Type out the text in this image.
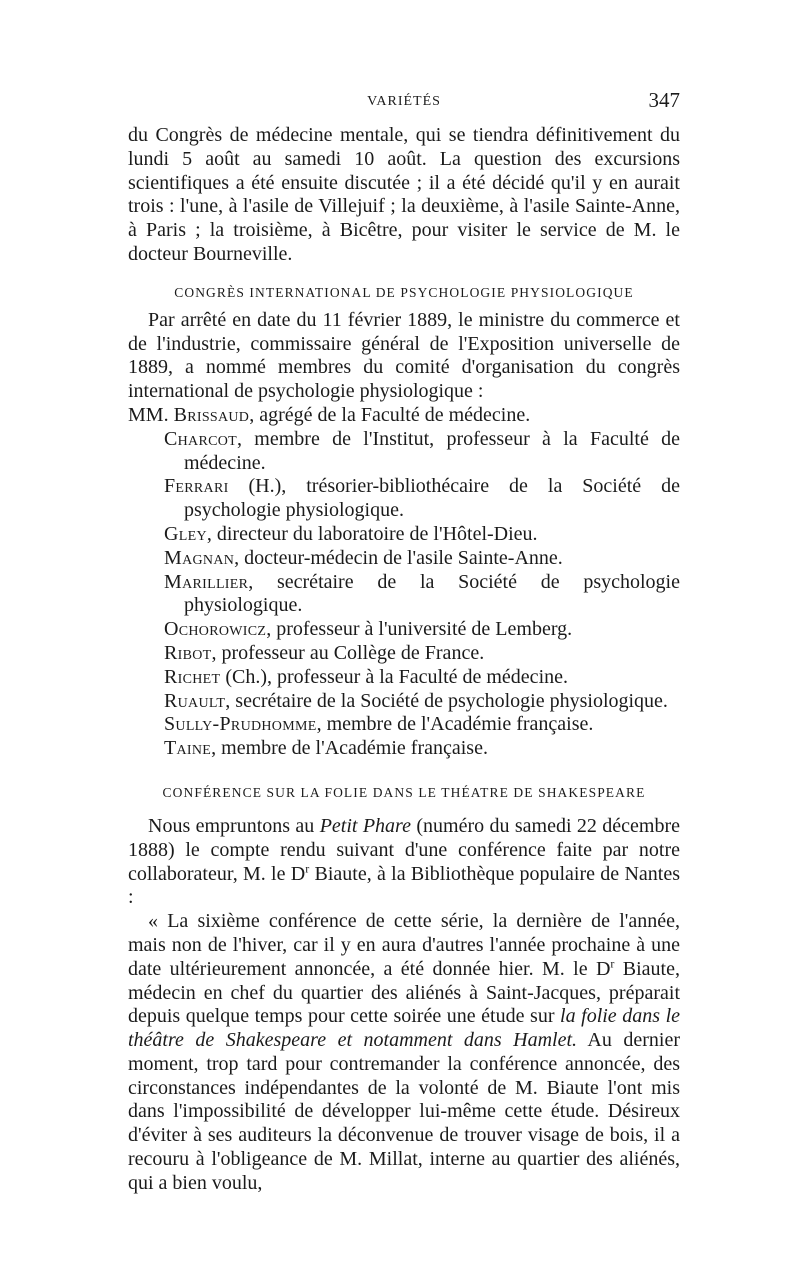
VARIÉTÉS	347

du Congrès de médecine mentale, qui se tiendra définitivement du lundi 5 août au samedi 10 août. La question des excursions scientifiques a été ensuite discutée ; il a été décidé qu'il y en aurait trois : l'une, à l'asile de Villejuif ; la deuxième, à l'asile Sainte-Anne, à Paris ; la troisième, à Bicêtre, pour visiter le service de M. le docteur Bourneville.

CONGRÈS INTERNATIONAL DE PSYCHOLOGIE PHYSIOLOGIQUE

Par arrêté en date du 11 février 1889, le ministre du commerce et de l'industrie, commissaire général de l'Exposition universelle de 1889, a nommé membres du comité d'organisation du congrès international de psychologie physiologique :

MM. Brissaud, agrégé de la Faculté de médecine.
Charcot, membre de l'Institut, professeur à la Faculté de médecine.
Ferrari (H.), trésorier-bibliothécaire de la Société de psychologie physiologique.
Gley, directeur du laboratoire de l'Hôtel-Dieu.
Magnan, docteur-médecin de l'asile Sainte-Anne.
Marillier, secrétaire de la Société de psychologie physiologique.
Ochorowicz, professeur à l'université de Lemberg.
Ribot, professeur au Collège de France.
Richet (Ch.), professeur à la Faculté de médecine.
Ruault, secrétaire de la Société de psychologie physiologique.
Sully-Prudhomme, membre de l'Académie française.
Taine, membre de l'Académie française.
CONFÉRENCE SUR LA FOLIE DANS LE THÉATRE DE SHAKESPEARE

Nous empruntons au Petit Phare (numéro du samedi 22 décembre 1888) le compte rendu suivant d'une conférence faite par notre collaborateur, M. le $D^r$ Biaute, à la Bibliothèque populaire de Nantes :

« La sixième conférence de cette série, la dernière de l'année, mais non de l'hiver, car il y en aura d'autres l'année prochaine à une date ultérieurement annoncée, a été donnée hier. M. le $D^r$ Biaute, médecin en chef du quartier des aliénés à Saint-Jacques, préparait depuis quelque temps pour cette soirée une étude sur la folie dans le théâtre de Shakespeare et notamment dans Hamlet. Au dernier moment, trop tard pour contremander la conférence annoncée, des circonstances indépendantes de la volonté de M. Biaute l'ont mis dans l'impossibilité de développer lui-même cette étude. Désireux d'éviter à ses auditeurs la déconvenue de trouver visage de bois, il a recouru à l'obligeance de M. Millat, interne au quartier des aliénés, qui a bien voulu,
